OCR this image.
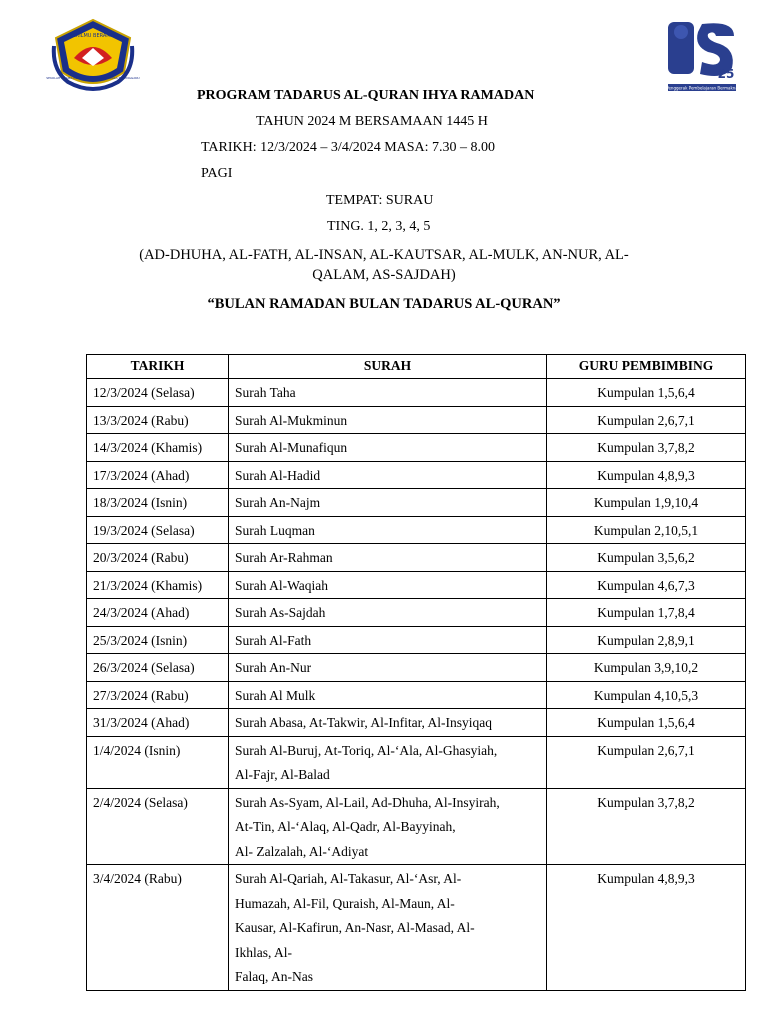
BERILMU BERAMAL
SEKOLAH AGAMA MENENGAH KAMPUNG KUALA TERENGGANU	25
Penggerak Pembelajaran Bermakna
PROGRAM TADARUS AL-QURAN IHYA RAMADAN
TAHUN 2024 M BERSAMAAN 1445 H
TARIKH: 12/3/2024 – 3/4/2024 MASA: 7.30 – 8.00
PAGI
TEMPAT: SURAU
TING. 1, 2, 3, 4, 5
(AD-DHUHA, AL-FATH, AL-INSAN, AL-KAUTSAR, AL-MULK, AN-NUR, AL-
QALAM, AS-SAJDAH)
“BULAN RAMADAN BULAN TADARUS AL-QURAN”
TARIKH	SURAH	GURU PEMBIMBING
12/3/2024 (Selasa)	Surah Taha	Kumpulan 1,5,6,4
13/3/2024 (Rabu)	Surah Al-Mukminun	Kumpulan 2,6,7,1
14/3/2024 (Khamis)	Surah Al-Munafiqun	Kumpulan 3,7,8,2
17/3/2024 (Ahad)	Surah Al-Hadid	Kumpulan 4,8,9,3
18/3/2024 (Isnin)	Surah An-Najm	Kumpulan 1,9,10,4
19/3/2024 (Selasa)	Surah Luqman	Kumpulan 2,10,5,1
20/3/2024 (Rabu)	Surah Ar-Rahman	Kumpulan 3,5,6,2
21/3/2024 (Khamis)	Surah Al-Waqiah	Kumpulan 4,6,7,3
24/3/2024 (Ahad)	Surah As-Sajdah	Kumpulan 1,7,8,4
25/3/2024 (Isnin)	Surah Al-Fath	Kumpulan 2,8,9,1
26/3/2024 (Selasa)	Surah An-Nur	Kumpulan 3,9,10,2
27/3/2024 (Rabu)	Surah Al Mulk	Kumpulan 4,10,5,3
31/3/2024 (Ahad)	Surah Abasa, At-Takwir, Al-Infitar, Al-Insyiqaq	Kumpulan 1,5,6,4
1/4/2024 (Isnin)	Surah Al-Buruj, At-Toriq, Al-‘Ala, Al-Ghasyiah,
Al-Fajr, Al-Balad	Kumpulan 2,6,7,1
2/4/2024 (Selasa)	Surah As-Syam, Al-Lail, Ad-Dhuha, Al-Insyirah,
At-Tin, Al-‘Alaq, Al-Qadr, Al-Bayyinah,
Al- Zalzalah, Al-‘Adiyat	Kumpulan 3,7,8,2
3/4/2024 (Rabu)	Surah Al-Qariah, Al-Takasur, Al-‘Asr, Al-
Humazah, Al-Fil, Quraish, Al-Maun, Al-
Kausar, Al-Kafirun, An-Nasr, Al-Masad, Al-
Ikhlas, Al-
Falaq, An-Nas	Kumpulan 4,8,9,3
